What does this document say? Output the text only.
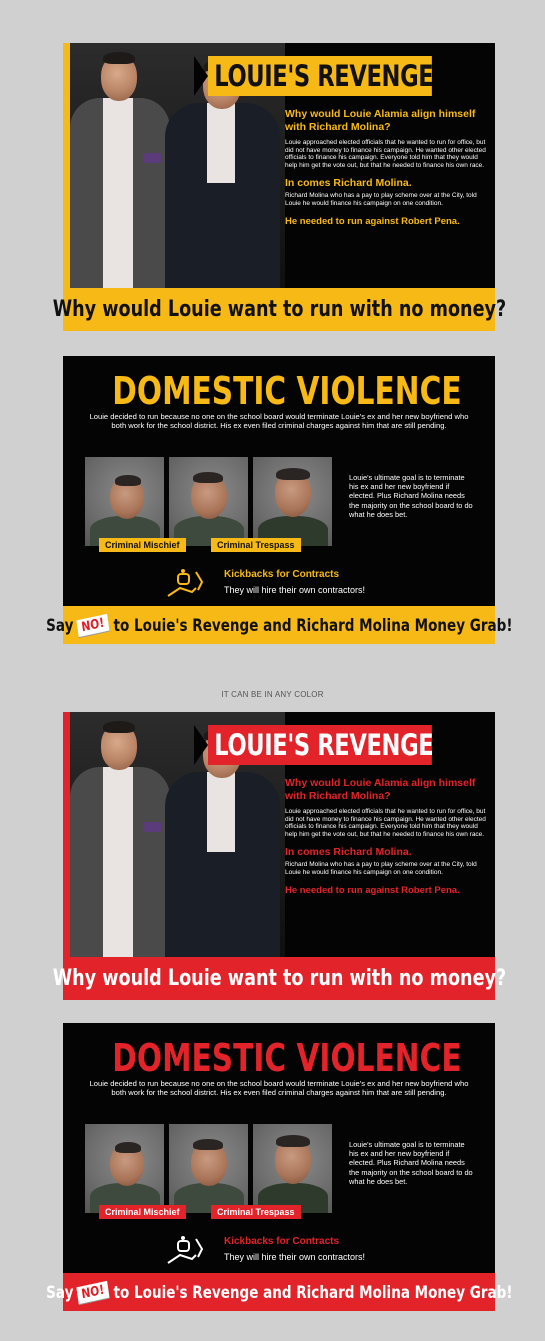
LOUIE'S REVENGE

Why would Louie Alamia align himself with Richard Molina?

Louie approached elected officials that he wanted to run for office, but did not have money to finance his campaign. He wanted other elected officials to finance his campaign. Everyone told him that they would help him get the vote out, but that he needed to finance his own race.

In comes Richard Molina.

Richard Molina who has a pay to play scheme over at the City, told Louie he would finance his campaign on one condition.

He needed to run against Robert Pena.

Why would Louie want to run with no money?
DOMESTIC VIOLENCE
Louie decided to run because no one on the school board would terminate Louie's ex and her new boyfriend who both work for the school district. His ex even filed criminal charges against him that are still pending.
Criminal Mischief	Criminal Trespass
Louie's ultimate goal is to terminate his ex and her new boyfriend if elected. Plus Richard Molina needs the majority on the school board to do what he does bet.
Kickbacks for Contracts
They will hire their own contractors!
Say NO! to Louie's Revenge and Richard Molina Money Grab!
IT CAN BE IN ANY COLOR
LOUIE'S REVENGE

Why would Louie Alamia align himself with Richard Molina?

Louie approached elected officials that he wanted to run for office, but did not have money to finance his campaign. He wanted other elected officials to finance his campaign. Everyone told him that they would help him get the vote out, but that he needed to finance his own race.

In comes Richard Molina.

Richard Molina who has a pay to play scheme over at the City, told Louie he would finance his campaign on one condition.

He needed to run against Robert Pena.

Why would Louie want to run with no money?
DOMESTIC VIOLENCE
Louie decided to run because no one on the school board would terminate Louie's ex and her new boyfriend who both work for the school district. His ex even filed criminal charges against him that are still pending.
Criminal Mischief	Criminal Trespass
Louie's ultimate goal is to terminate his ex and her new boyfriend if elected. Plus Richard Molina needs the majority on the school board to do what he does bet.
Kickbacks for Contracts
They will hire their own contractors!
Say NO! to Louie's Revenge and Richard Molina Money Grab!
